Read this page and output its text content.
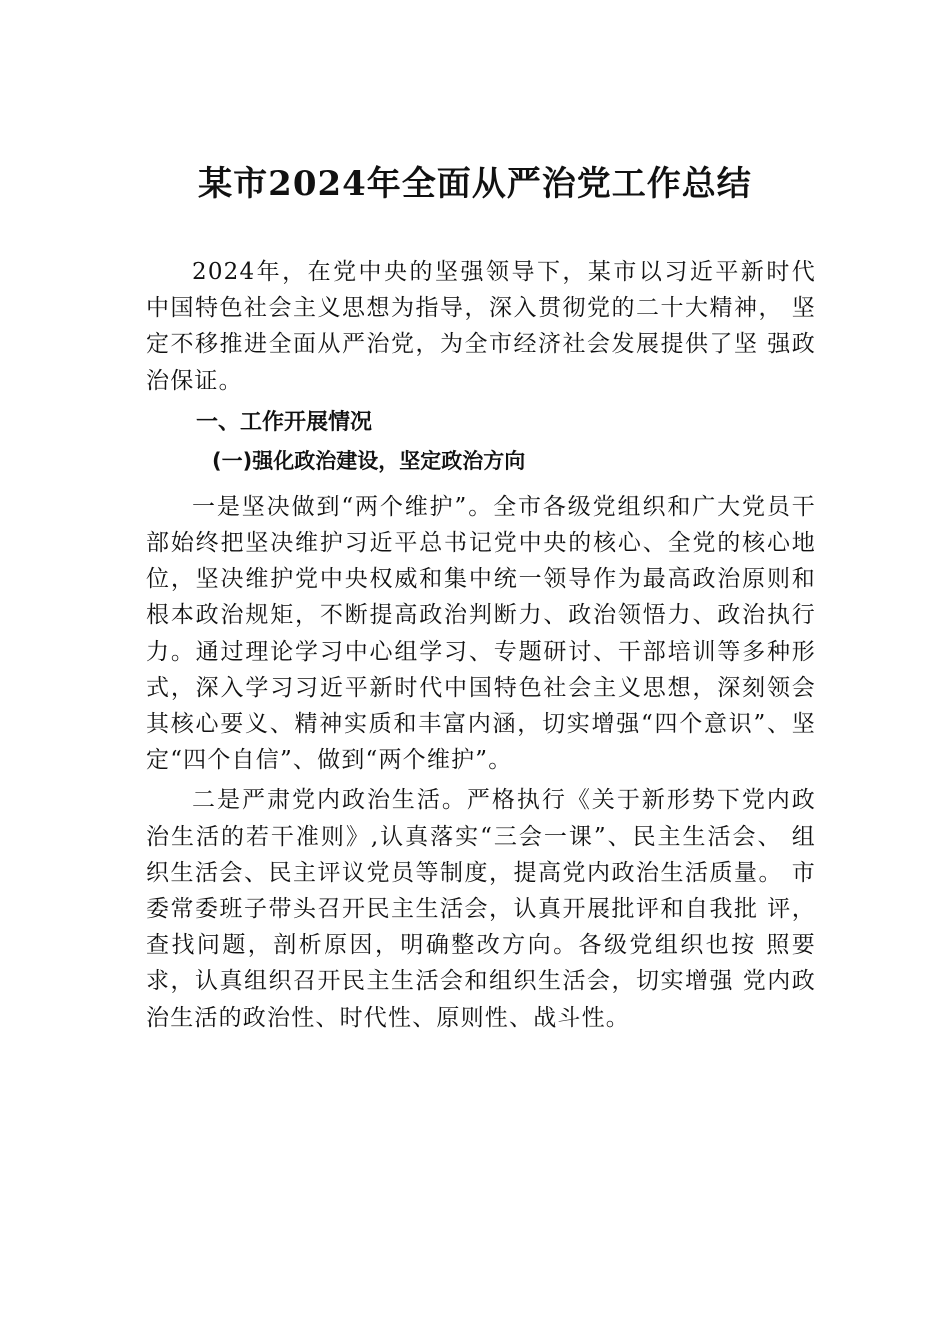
某市2024年全面从严治党工作总结

2024年，在党中央的坚强领导下，某市以习近平新时代 中国特色社会主义思想为指导，深入贯彻党的二十大精神， 坚定不移推进全面从严治党，为全市经济社会发展提供了坚 强政治保证。

一、工作开展情况
(一)强化政治建设，坚定政治方向

一是坚决做到“两个维护”。全市各级党组织和广大党员干部始终把坚决维护习近平总书记党中央的核心、全党的核心地位，坚决维护党中央权威和集中统一领导作为最高政治原则和根本政治规矩，不断提高政治判断力、政治领悟力、政治执行力。通过理论学习中心组学习、专题研讨、干部培训等多种形式，深入学习习近平新时代中国特色社会主义思想，深刻领会其核心要义、精神实质和丰富内涵，切实增强“四个意识”、坚定“四个自信”、做到“两个维护”。

二是严肃党内政治生活。严格执行《关于新形势下党内政治生活的若干准则》,认真落实“三会一课”、民主生活会、 组织生活会、民主评议党员等制度，提高党内政治生活质量。 市委常委班子带头召开民主生活会，认真开展批评和自我批 评，查找问题，剖析原因，明确整改方向。各级党组织也按 照要求，认真组织召开民主生活会和组织生活会，切实增强 党内政治生活的政治性、时代性、原则性、战斗性。
